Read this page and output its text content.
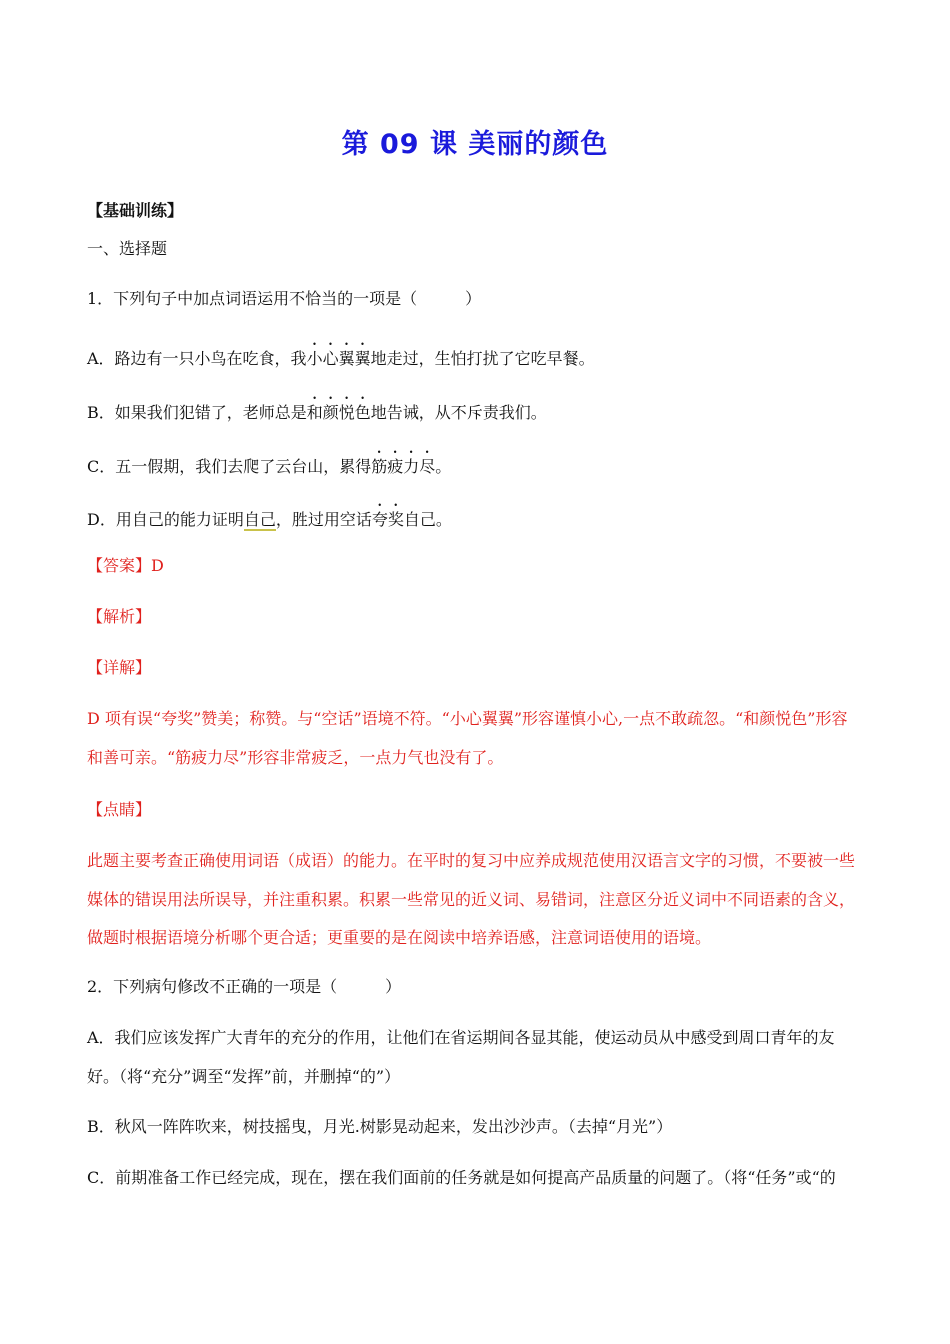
第 09 课 美丽的颜色
【基础训练】
一、选择题
1．下列句子中加点词语运用不恰当的一项是（　　　）
A．路边有一只小鸟在吃食，我小心翼翼地走过，生怕打扰了它吃早餐。
B．如果我们犯错了，老师总是和颜悦色地告诫，从不斥责我们。
C．五一假期，我们去爬了云台山，累得筋疲力尽。
D．用自己的能力证明自己，胜过用空话夸奖自己。
【答案】D
【解析】
【详解】
D 项有误“夸奖”赞美；称赞。与“空话”语境不符。“小心翼翼”形容谨慎小心,一点不敢疏忽。“和颜悦色”形容和善可亲。“筋疲力尽”形容非常疲乏，一点力气也没有了。
【点睛】
此题主要考查正确使用词语（成语）的能力。在平时的复习中应养成规范使用汉语言文字的习惯，不要被一些媒体的错误用法所误导，并注重积累。积累一些常见的近义词、易错词，注意区分近义词中不同语素的含义，做题时根据语境分析哪个更合适；更重要的是在阅读中培养语感，注意词语使用的语境。
2．下列病句修改不正确的一项是（　　　）
A．我们应该发挥广大青年的充分的作用，让他们在省运期间各显其能，使运动员从中感受到周口青年的友好。（将“充分”调至“发挥”前，并删掉“的”）
B．秋风一阵阵吹来，树技摇曳，月光.树影晃动起来，发出沙沙声。（去掉“月光”）
C．前期准备工作已经完成，现在，摆在我们面前的任务就是如何提高产品质量的问题了。（将“任务”或“的
